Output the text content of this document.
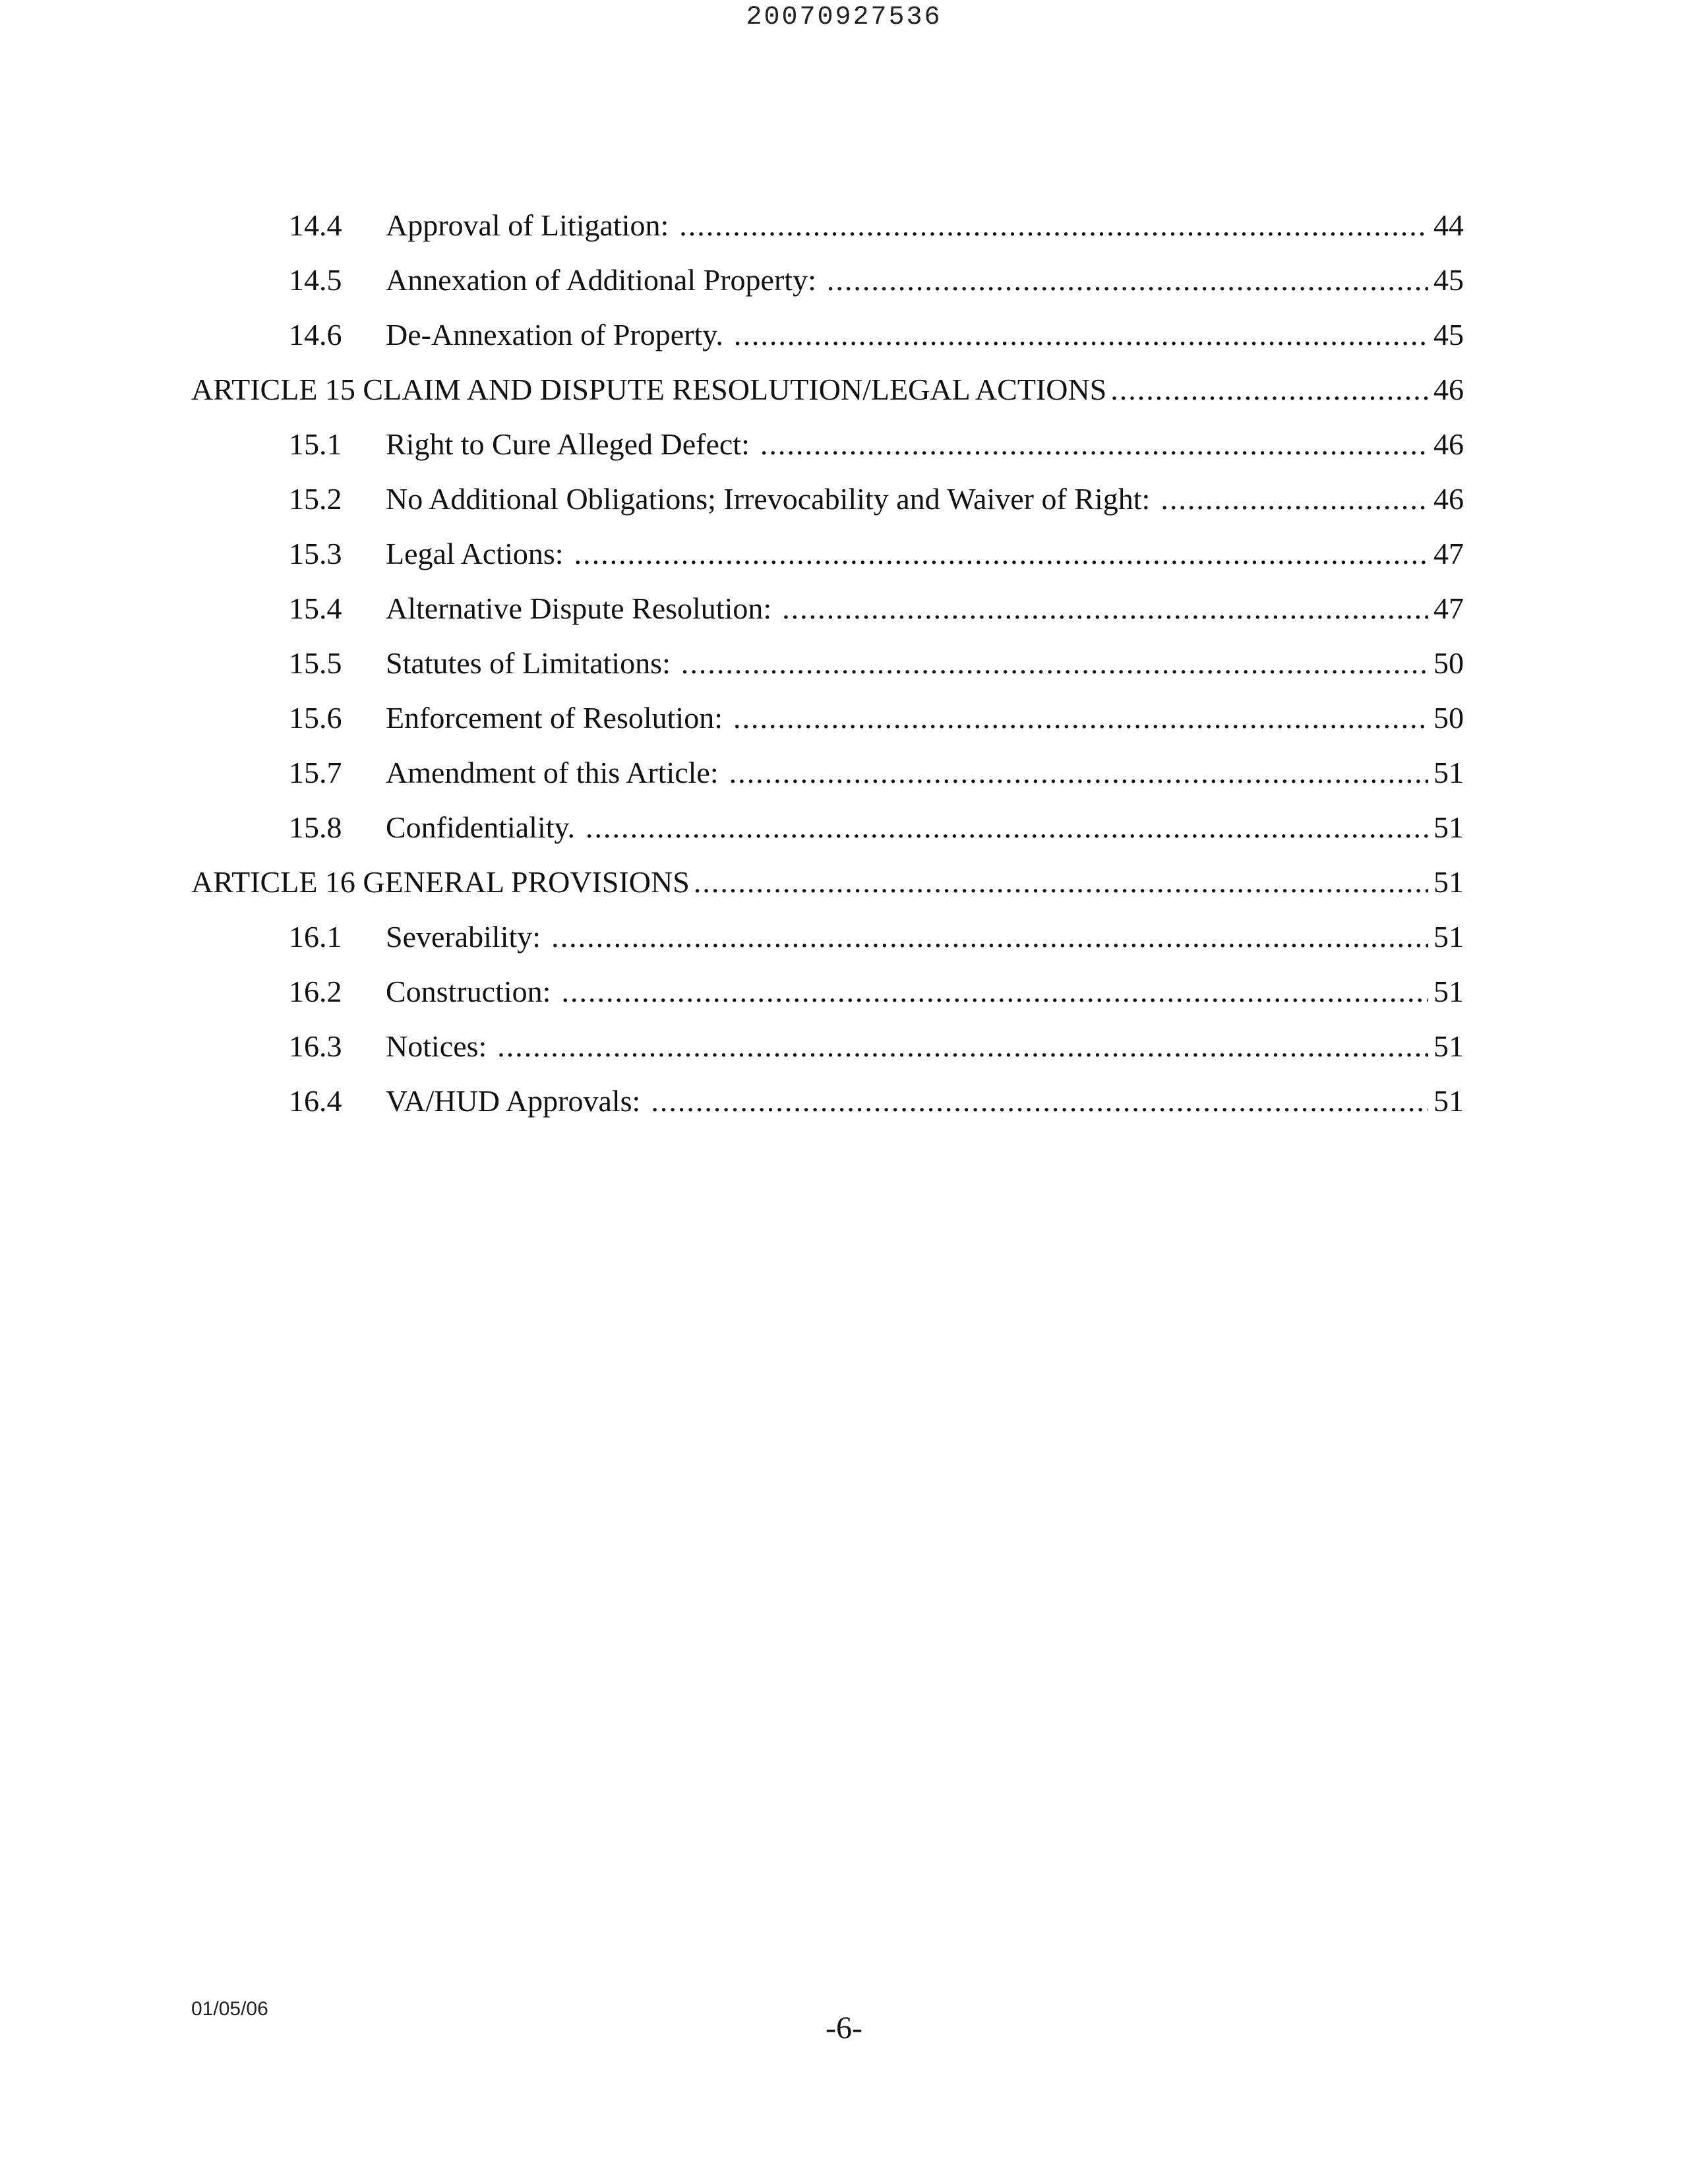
20070927536
14.4	Approval of Litigation: .....	44
14.5	Annexation of Additional Property: .....	45
14.6	De-Annexation of Property. .....	45
ARTICLE 15 CLAIM AND DISPUTE RESOLUTION/LEGAL ACTIONS .....	46
15.1	Right to Cure Alleged Defect: .....	46
15.2	No Additional Obligations; Irrevocability and Waiver of Right: .....	46
15.3	Legal Actions: .....	47
15.4	Alternative Dispute Resolution: .....	47
15.5	Statutes of Limitations: .....	50
15.6	Enforcement of Resolution: .....	50
15.7	Amendment of this Article: .....	51
15.8	Confidentiality. .....	51
ARTICLE 16 GENERAL PROVISIONS .....	51
16.1	Severability: .....	51
16.2	Construction: .....	51
16.3	Notices: .....	51
16.4	VA/HUD Approvals: .....	51
01/05/06
-6-
